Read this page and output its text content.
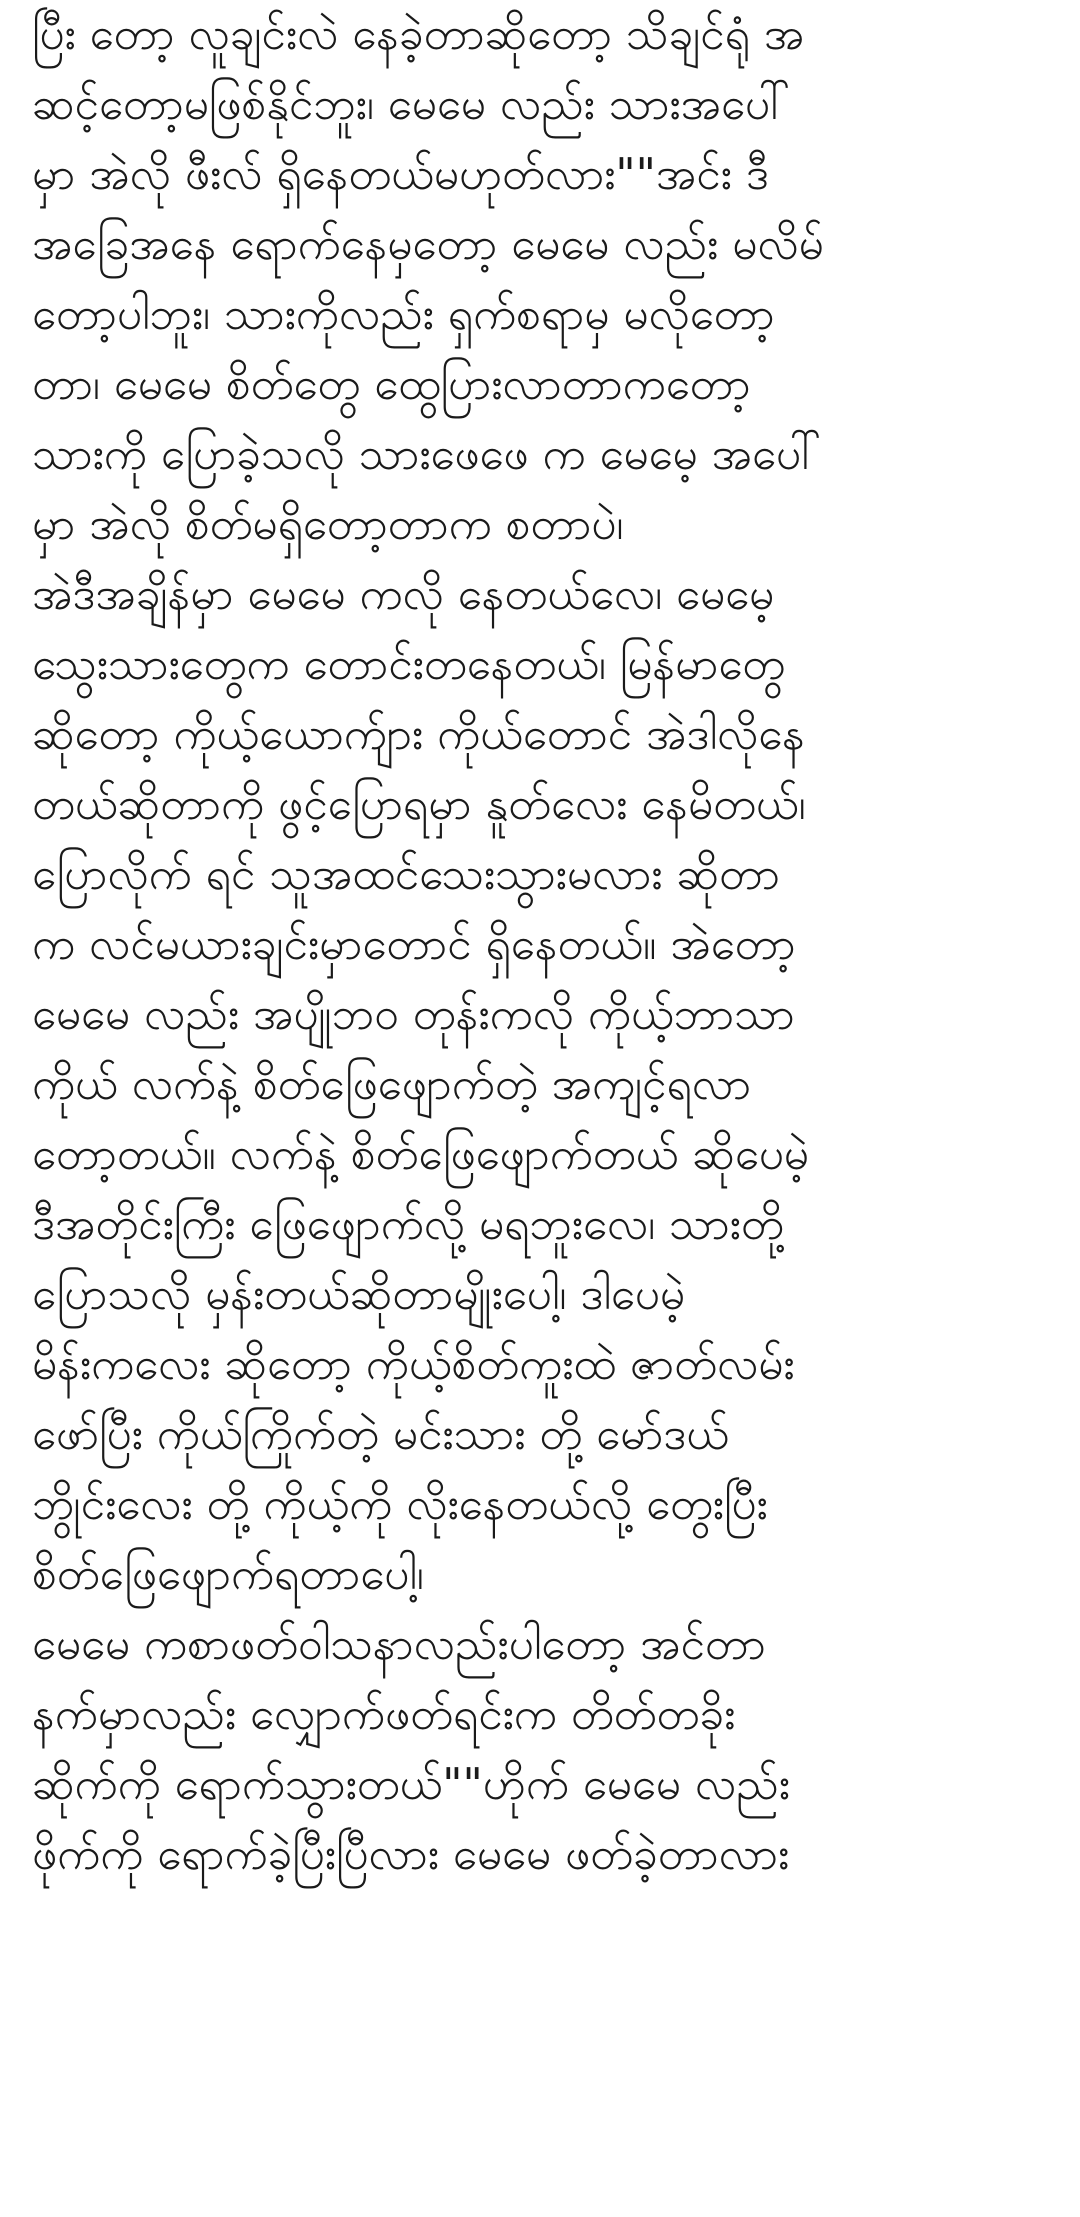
ပြီး တော့ လူချင်းလဲ နေခဲ့တာဆိုတော့ သိချင်ရုံ အ
ဆင့်တော့မဖြစ်နိုင်ဘူး၊ မေမေ လည်း သားအပေါ်
မှာ အဲလို ဖီးလ် ရှိနေတယ်မဟုတ်လား""အင်း ဒီ
အခြေအနေ ရောက်နေမှတော့ မေမေ လည်း မလိမ်
တော့ပါဘူး၊ သားကိုလည်း ရှက်စရာမှ မလိုတော့
တာ၊ မေမေ စိတ်တွေ ထွေပြားလာတာကတော့
သားကို ပြောခဲ့သလို သားဖေဖေ က မေမေ့ အပေါ်
မှာ အဲလို စိတ်မရှိတော့တာက စတာပဲ၊
အဲဒီအချိန်မှာ မေမေ ကလို နေတယ်လေ၊ မေမေ့
သွေးသားတွေက တောင်းတနေတယ်၊ မြန်မာတွေ
ဆိုတော့ ကိုယ့်ယောက်ျား ကိုယ်တောင် အဲဒါလိုနေ
တယ်ဆိုတာကို ဖွင့်ပြောရမှာ နူတ်လေး နေမိတယ်၊
ပြောလိုက် ရင် သူအထင်သေးသွားမလား ဆိုတာ
က လင်မယားချင်းမှာတောင် ရှိနေတယ်။ အဲတော့
မေမေ လည်း အပျိုဘဝ တုန်းကလို ကိုယ့်ဘာသာ
ကိုယ် လက်နဲ့ စိတ်ဖြေဖျောက်တဲ့ အကျင့်ရလာ
တော့တယ်။ လက်နဲ့ စိတ်ဖြေဖျောက်တယ် ဆိုပေမဲ့
ဒီအတိုင်းကြီး ဖြေဖျောက်လို့ မရဘူးလေ၊ သားတို့
ပြောသလို မှန်းတယ်ဆိုတာမျိုးပေါ့၊ ဒါပေမဲ့
မိန်းကလေး ဆိုတော့ ကိုယ့်စိတ်ကူးထဲ ဇာတ်လမ်း
ဖော်ပြီး ကိုယ်ကြိုက်တဲ့ မင်းသား တို့ မော်ဒယ်
ဘွိုင်းလေး တို့ ကိုယ့်ကို လိုးနေတယ်လို့ တွေးပြီး
စိတ်ဖြေဖျောက်ရတာပေါ့၊
မေမေ ကစာဖတ်ဝါသနာလည်းပါတော့ အင်တာ
နက်မှာလည်း လျှောက်ဖတ်ရင်းက တိတ်တခိုး
ဆိုက်ကို ရောက်သွားတယ်""ဟိုက် မေမေ လည်း
ဖိုက်ကို ရောက်ခဲ့ပြီးပြီလား မေမေ ဖတ်ခဲ့တာလား
